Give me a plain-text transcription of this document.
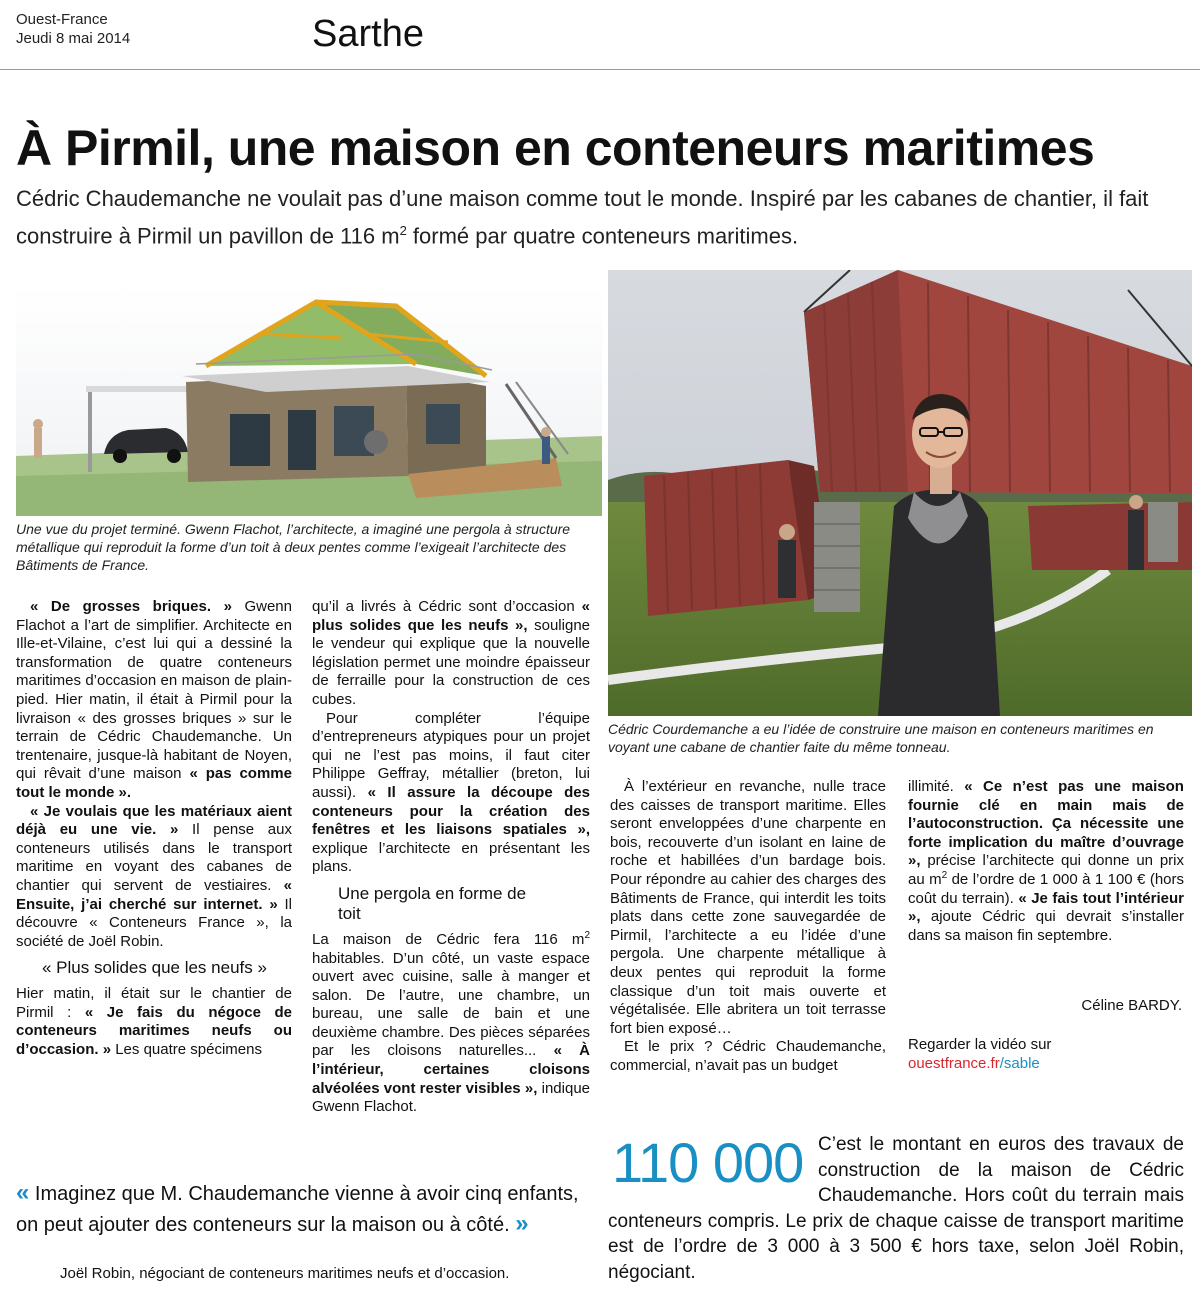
Ouest-France
Jeudi 8 mai 2014	Sarthe
À Pirmil, une maison en conteneurs maritimes
Cédric Chaudemanche ne voulait pas d’une maison comme tout le monde. Inspiré par les cabanes de chantier, il fait construire à Pirmil un pavillon de 116 $m^2$ formé par quatre conteneurs maritimes.
Une vue du projet terminé. Gwenn Flachot, l’architecte, a imaginé une pergola à structure métallique qui reproduit la forme d’un toit à deux pentes comme l’exigeait l’architecte des Bâtiments de France.
Cédric Courdemanche a eu l’idée de construire une maison en conteneurs maritimes en voyant une cabane de chantier faite du même tonneau.

« De grosses briques. » Gwenn Flachot a l’art de simplifier. Architecte en Ille-et-Vilaine, c’est lui qui a dessiné la transformation de quatre conteneurs maritimes d’occasion en maison de plain-pied. Hier matin, il était à Pirmil pour la livraison « des grosses briques » sur le terrain de Cédric Chaudemanche. Un trentenaire, jusque-là habitant de Noyen, qui rêvait d’une maison « pas comme tout le monde ».

« Je voulais que les matériaux aient déjà eu une vie. » Il pense aux conteneurs utilisés dans le transport maritime en voyant des cabanes de chantier qui servent de vestiaires. « Ensuite, j’ai cherché sur internet. » Il découvre « Conteneurs France », la société de Joël Robin.

« Plus solides que les neufs »

Hier matin, il était sur le chantier de Pirmil : « Je fais du négoce de conteneurs maritimes neufs ou d’occasion. » Les quatre spécimens

qu’il a livrés à Cédric sont d’occasion « plus solides que les neufs », souligne le vendeur qui explique que la nouvelle législation permet une moindre épaisseur de ferraille pour la construction de ces cubes.

Pour compléter l’équipe d’entrepreneurs atypiques pour un projet qui ne l’est pas moins, il faut citer Philippe Geffray, métallier (breton, lui aussi). « Il assure la découpe des conteneurs pour la création des fenêtres et les liaisons spatiales », explique l’architecte en présentant les plans.

Une pergola en forme de toit

La maison de Cédric fera 116 $m^2$ habitables. D’un côté, un vaste espace ouvert avec cuisine, salle à manger et salon. De l’autre, une chambre, un bureau, une salle de bain et une deuxième chambre. Des pièces séparées par les cloisons naturelles... « À l’intérieur, certaines cloisons alvéolées vont rester visibles », indique Gwenn Flachot.

À l’extérieur en revanche, nulle trace des caisses de transport maritime. Elles seront enveloppées d’une charpente en bois, recouverte d’un isolant en laine de roche et habillées d’un bardage bois. Pour répondre au cahier des charges des Bâtiments de France, qui interdit les toits plats dans cette zone sauvegardée de Pirmil, l’architecte a eu l’idée d’une pergola. Une charpente métallique à deux pentes qui reproduit la forme classique d’un toit mais ouverte et végétalisée. Elle abritera un toit terrasse fort bien exposé…

Et le prix ? Cédric Chaudemanche, commercial, n’avait pas un budget

illimité. « Ce n’est pas une maison fournie clé en main mais de l’autoconstruction. Ça nécessite une forte implication du maître d’ouvrage », précise l’architecte qui donne un prix au $m^2$ de l’ordre de 1 000 à 1 100 € (hors coût du terrain). « Je fais tout l’intérieur », ajoute Cédric qui devrait s’installer dans sa maison fin septembre.

Céline BARDY.
Regarder la vidéo sur
ouestfrance.fr/sable
« Imaginez que M. Chaudemanche vienne à avoir cinq enfants, on peut ajouter des conteneurs sur la maison ou à côté. »
Joël Robin, négociant de conteneurs maritimes neufs et d’occasion.
110 000 C’est le montant en euros des travaux de construction de la maison de Cédric Chaudemanche. Hors coût du terrain mais conteneurs compris. Le prix de chaque caisse de transport maritime est de l’ordre de 3 000 à 3 500 € hors taxe, selon Joël Robin, négociant.
